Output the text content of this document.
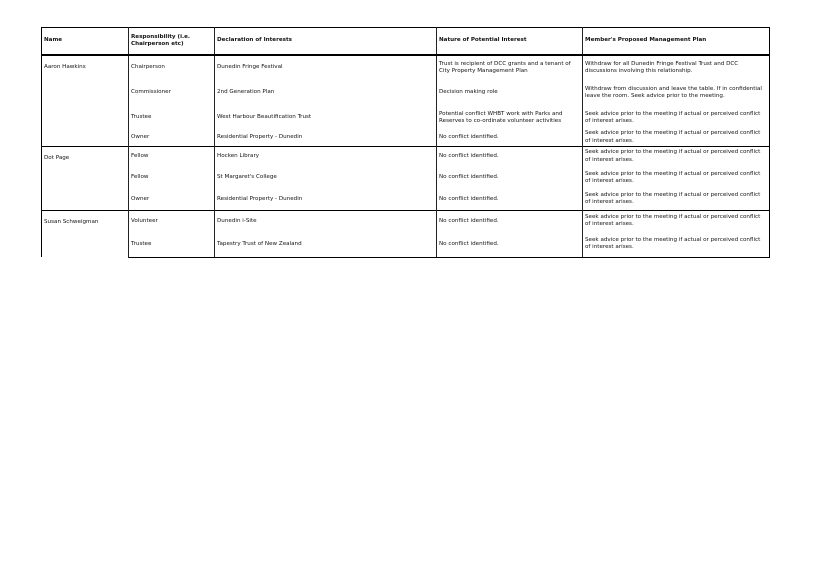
Name	Responsibility (i.e. Chairperson etc)	Declaration of Interests	Nature of Potential Interest	Member's Proposed Management Plan
Aaron Hawkins	Chairperson	Dunedin Fringe Festival	Trust is recipient of DCC grants and a tenant of City Property Management Plan	Withdraw for all Dunedin Fringe Festival Trust and DCC discussions involving this relationship.
	Commissioner	2nd Generation Plan	Decision making role	Withdraw from discussion and leave the table. If in confidential leave the room. Seek advice prior to the meeting.
	Trustee	West Harbour Beautification Trust	Potential conflict WHBT work with Parks and Reserves to co-ordinate volunteer activities	Seek advice prior to the meeting if actual or perceived conflict of interest arises.
	Owner	Residential Property - Dunedin	No conflict identified.	Seek advice prior to the meeting if actual or perceived conflict of interest arises.
Dot Page	Fellow	Hocken Library	No conflict identified.	Seek advice prior to the meeting if actual or perceived conflict of interest arises.
	Fellow	St Margaret's College	No conflict identified.	Seek advice prior to the meeting if actual or perceived conflict of interest arises.
	Owner	Residential Property - Dunedin	No conflict identified.	Seek advice prior to the meeting if actual or perceived conflict of interest arises.
Susan Schweigman	Volunteer	Dunedin i-Site	No conflict identified.	Seek advice prior to the meeting if actual or perceived conflict of interest arises.
	Trustee	Tapestry Trust of New Zealand	No conflict identified.	Seek advice prior to the meeting if actual or perceived conflict of interest arises.
